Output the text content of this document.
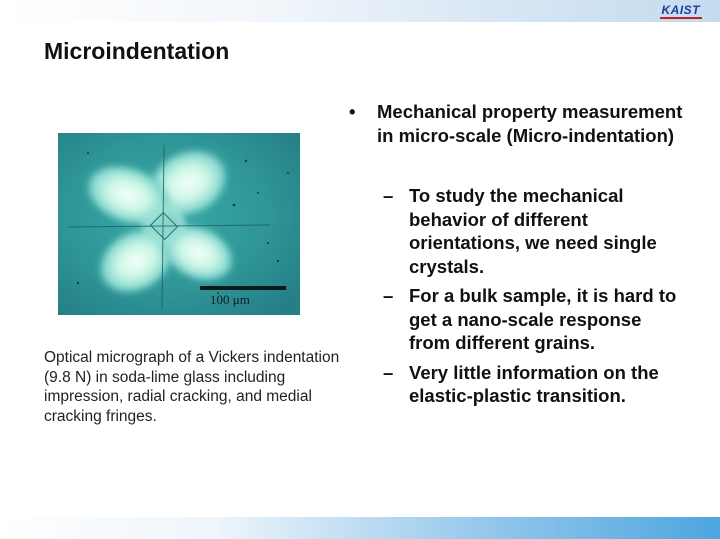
KAIST
Microindentation
100 μm
Optical micrograph of a Vickers indentation (9.8 N) in soda-lime glass including impression, radial cracking, and medial cracking fringes.
• Mechanical property measurement in micro-scale (Micro-indentation)
– To study the mechanical behavior of different orientations, we need single crystals.
– For a bulk sample, it is hard to get a nano-scale response from different grains.
– Very little information on the elastic-plastic transition.
